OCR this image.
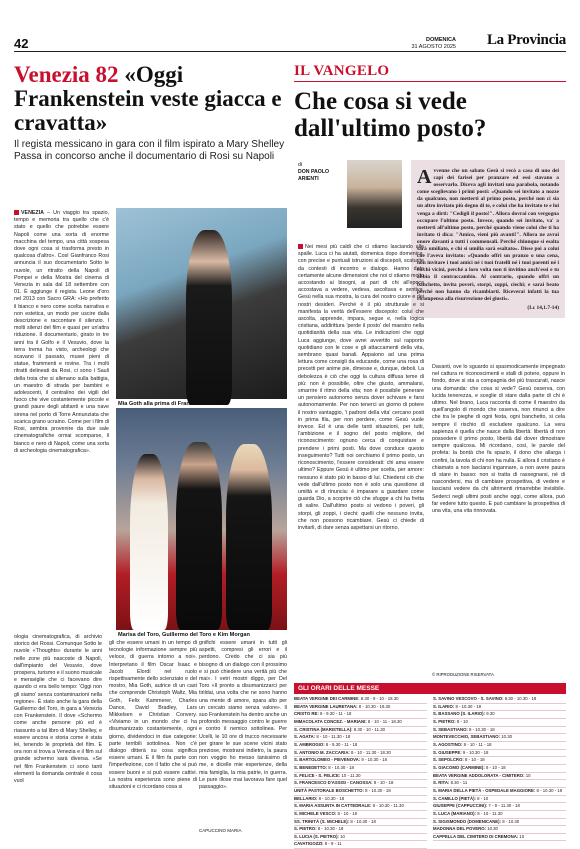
42	DOMENICA
31 AGOSTO 2025 La Provincia
Venezia 82 «Oggi Frankenstein veste giacca e cravatta»
Il regista messicano in gara con il film ispirato a Mary Shelley Passa in concorso anche il documentario di Rosi su Napoli
VENEZIA – Un viaggio tra spazio, tempo e memoria tra quello che c'è stato e quello che potrebbe essere Napoli come una sorta di enorme macchina del tempo, una città sospesa dove ogni cosa si trasforma presto in qualcosa d'altro». Così Gianfranco Rosi annuncia il suo documentario Sotto le nuvole, un ritratto della Napoli di Pompei e della Mostra del cinema di Venezia in sala dal 18 settembre con 01. È aggiunge il regista. Leone d'oro nel 2013 con Sacro GRA: «Ho preferito il bianco e nero come scelta narrativa e non estetica, un modo per uscire dalla descrizione e raccontare il silenzio. I molti silenzi del film e quasi per un'attra riduzione. Il documentario, girato in tre anni tra il Golfo e il Vesuvio, dove la terra trema ha visto, archeologi che scavano il passato, musei pieni di statue, frammenti e rovine. Tra i molti ritratti delineati da Rosi, ci sono i Sauli della troia che si allenano sulla battigia, un maestro di strada per bambini e adolescenti, il centralino dei vigili del fuoco che vive costantemente piccole e grandi paure degli abitanti e una nave sirena nel porto di Torre Annunziata che scarica grano ucraino. Come per i film di Rosi, sembra provenire da due sale cinematografiche ormai scomparse, il bianco e nero di Napoli, come una sorta di archeologia cinematografica».
Mia Goth alla prima di Frankenstein
Marisa del Toro, Guillermo del Toro e Kim Morgan
ologia cinematografica, di archivio storico dei Rossi. Comunque Sotto le nuvole «Thoughts» durante le anni nelle zone più nascoste di Napoli, dall'impianto del Vesuvio, dove prospera, turismo e il suono musicale e meraviglie che ci facevano dire quando ci era bello tempo: 'Oggi non gli siamo' senza contaminazioni nella regione». È stato anche la gara della Guillermo del Toro, in gara a Venezia con Frankenstein. Il dove «Schermo come anche persone più ed è riassunto a tal libro di Mary Shelley, e essere ancora e storia come è stata lei, tenendo le proprietà del film. E ora non si trova a Venezia e il film sul grande schermo sarà diversa. «Se nel film Frankenstein ci sono tanti elementi la domanda centrale è cosa vuol
gli che essere umani in un tempo di tecnologie informazione sempre più veloce, di guerra intorno a noi». Interpretano il film Oscar Isaac e Jacob Elordi nel ruolo rispettivamente dello scienziato e del mostro, Mia Goth, autrice di un cast che comprende Christoph Waltz, Mia Goth, Felix Kammerer, Charles Dance, David Bradley, Lars Mikkelsen e Christian Convery. «Viviamo in un mondo che ci ha disumanizzato costantemente, ogni giorno, dividendoci in due categorie: parte terribili sottolinea. Non c'è dialogo ditterà su cosa significa essere umani. E il film fa parte con l'imperfezione, con il fatto che si può essere buoni e si può essere cattivi. La nostra esperienza sono piene di situazioni e ci ricordano cosa si
gnifichi essere umani in tutti gli aspetti, compresi gli errori e il perdono. Credo che ci sia più bisogno di un dialogo con il prossimo e si può chiedere una verità più che mai». I vetri mostri diggo, per Del Toro «Il pronto a disumanizzarci per tirildai, una volta che ne sono hanno una mente di amore, spara alto per un cercato siamo senza valore». Il suo Frankenstein ha dentro anche un profondo messaggio contro le guerre e contro il nemico sottolinea. Per Ucelli, le 10 ore di trucco necessarie per girare le sue scene vicini stato preziose, mostrarsi indietro, la paura non voggio ho messo tanissimo di me, e dicelle mie esperienze, della mia famiglia, la mia patrie, in guerra. Le pure illose mai lavorava fare quel passaggio».
CAPUCCINO MARIA
IL VANGELO
Che cosa si vede dall'ultimo posto?
di
DON PAOLO ARIENTI	Avvenne che un sabato Gesù si recò a casa di uno dei capi dei farisei per pranzare ed essi stavano a osservarlo. Diceva agli invitati una parabola, notando come sceglievano i primi posti: «Quando sei invitato a nozze da qualcuno, non metterti al primo posto, perché non ci sia un altro invitato più degno di te, e colui che ha invitato te e lui venga a dirti: "Cedigli il posto!". Allora dovrai con vergogna occupare l'ultimo posto. Invece, quando sei invitato, va' a metterti all'ultimo posto, perché quando viene colui che ti ha invitato ti dica: "Amico, vieni più avanti!". Allora ne avrai onore davanti a tutti i commensali. Perché chiunque si esalta sarà umiliato, e chi si umilia sarà esaltato». Disse poi a colui che l'aveva invitato: «Quando offri un pranzo o una cena, non invitare i tuoi amici né i tuoi fratelli né i tuoi parenti né i ricchi vicini, perché a loro volta non ti invitino anch'essi e tu abbia il contraccambio. Al contrario, quando offri un banchetto, invita poveri, storpi, zoppi, ciechi; e sarai beato perché non hanno da ricambiarti. Riceverai infatti la tua ricompensa alla risurrezione dei giusti».
(Lc 14,1.7-14)
Nei mesi più caldi che ci stiamo lasciando alle spalle. Luca ci ha aiutati, domenica dopo domenica, con precise e puntuali istruzioni ai discepoli, scaturite da contesti di incontro e dialogo. Hanno dato certamente alcune dimensioni che noi ci stiamo molto accostando ai bisogni, ai pari di chi all'epoca accostava a vedere, vedeva, ascoltava e sentiva. Gesù nella sua mostra, la cura del nostro cuore e dei nostri desideri. Perché è il più strutturale e si manifesta la verità dell'essere discepolo: colui che ascolta, apprende, impara, segue e, nella logica cristiana, addirittura 'perde il posto' del maestro nella quotidianità della sua vita. Le indicazioni che oggi Luca aggiunge, dove avrei avvertito sul rapporto quotidiano con le cose e gli attaccamenti della vita, sembrano quasi banali. Appaiono ad una prima lettura come consigli da educande, come una rosa di precetti per anime pie, dimesse e, dunque, deboli. La debolezza è ciò che oggi la cultura diffusa teme di più: non è possibile, oltre che giusto, ammalarsi, smarrire il ritmo della vita; non è possibile generare un pensiero autonomo senza dover schivare e farsi autonomamente. Per non tenerci un giorno di potere il nostro vantaggio, 'i padroni della vita' cercano posti in prima fila, per non perdere, come Gesù vuole invece. Ed è una delle tanti situazioni, per tutti, l'ambizione e il sogno del posto migliore, del riconoscimento: ognuno cerca di conquistare e prendere i primi posti. Ma dove conduce questo inseguimento? Tutti noi cerchiamo il primo posto, un riconoscimento, l'essere considerati: chi ama essere ultimo? Eppure Gesù è ultimo per scelta, per amore: nessuno è stato più in basso di lui. Chiedersi ciò che vede dall'ultimo posto non è solo una questione di umiltà e di rinuncia: è imparare a guardare come guarda Dio, a scoprire ciò che sfugge a chi ha fretta di salire. Dall'ultimo posto si vedono i poveri, gli storpi, gli zoppi, i ciechi: quelli che nessuno invita, che non possono ricambiare. Gesù ci chiede di invitarli, di dare senza aspettarsi un ritorno.
Davanti, ove lo sguardo si spasmodicamente impegnato nel cattura re riconoscimenti e stalli di potere, oppure in fondo, dove si sta a compagnia dei più trascurati, nasce una domanda: che cosa si vede? Gesù osserva, con lucida tenerezza, e sceglie di stare dalla parte di chi è ultimo. Nel brano, Luca racconta di come il maestro da quell'angolo di mondo che osserva, non rinunci a dire che tra le pieghe di ogni festa, ogni banchetto, si cela sempre il rischio di escludere qualcuno. La vera sapienza è quella che nasce dalla libertà: libertà di non possedere il primo posto, libertà dal dover dimostrare sempre qualcosa. Mi ricordano, così, le parole del profeta: la bontà che fa spazio, il dono che allarga i confini, la tavola di chi non ha nulla. E allora il cristiano è chiamato a non lasciarsi ingannare, a non avere paura di stare in basso: non si tratta di rassegnarsi, né di nascondersi, ma di cambiare prospettiva, di vedere e lasciarsi vedere da chi altrimenti rimarrebbe invisibile. Sederci negli ultimi posti anche oggi, come allora, può far vedere tutto questo. E può cambiare la prospettiva di una vita, una vita rinnovata.
© RIPRODUZIONE RISERVATA
GLI ORARI DELLE MESSE
BEATA VERGINE DEI CARMINE: 8.30 - 9 - 10 - 18.30
BEATA VERGINE LAURETANA: 8 - 10.30 - 18.30
CRISTO RE: 8 - 9.30 - 11 - 18
IMMACOLATA CONCEZ. - MARIANI: 8 - 10 - 11 - 18.30
S. CRISTINA (MARISTELLA): 8.30 - 10 - 11.30
S. AGATA: 8 - 10 - 11.30 - 18
S. AMBROGIO: 8 - 9.30 - 11 - 18
S. ANTONIO M. ZACCARIA: 8 - 10 - 11.30 - 18.30
S. BARTOLOMEO - PIEVENOVA: 9 - 10.30 - 18
S. BENEDETTO: 8 - 10.30 - 18
S. FELICE - S. FELICE: 10 - 11.30
S. FRANCESCO D'ASSISI - CANOSSA: 8 - 10 - 18
UNITÀ PASTORALE BOSCHETTO: 8 - 10.30 - 18
BELLARIO: 8 - 10.30 - 18
S. MARIA ASSUNTA IN CATTEDRALE: 8 - 10.30 - 11.30
S. MICHELE VESCO: 8 - 10 - 18
SS. TRINITÀ (S. MICHELE): 8 - 10.30 - 18
S. PIETRO: 8 - 10.30 - 18
S. LUCIA (S. PIETRO): 10
CAVATIGOZZI: 8 - 9 - 11
S. SAVINO VESCOVO - S. SAVINO: 8.30 - 10.30 - 18
S. ILARIO: 8 - 10.30 - 18
S. BASSANO (S. ILARIO): 9.30
S. PIETRO: 8 - 10
S. SEBASTIANO: 8 - 10.30 - 18
MONTEVECCHIO, SEBASTIANO: 10.30
S. AGOSTINO: 8 - 10 - 11 - 18
S. GIUSEPPE: 9 - 10.30 - 18
S. SEPOLCRO: 8 - 10 - 18
S. GIACOMO (CARMINE): 8 - 10 - 18
BEATA VERGINE ADDOLORATA - CIMITERO: 10
S. RITA: 8.30 - 11
S. MARIA DELLA PIETÀ - OSPEDALE MAGGIORE: 8 - 10.30 - 19
S. CAMILLO (PIETÀ): 8 - 10
GIUSEPPE (CAPPUCCINI): 7 - 9 - 11.30 - 18
S. LUCA (MARIANO): 8 - 10 - 11.30
S. SIGISMONDO (DOMENICANE): 8 - 10.30
MADONNA DEL POVERO: 10.30
CAPPELLA DEL CIMITERO DI CREMONA: 10
